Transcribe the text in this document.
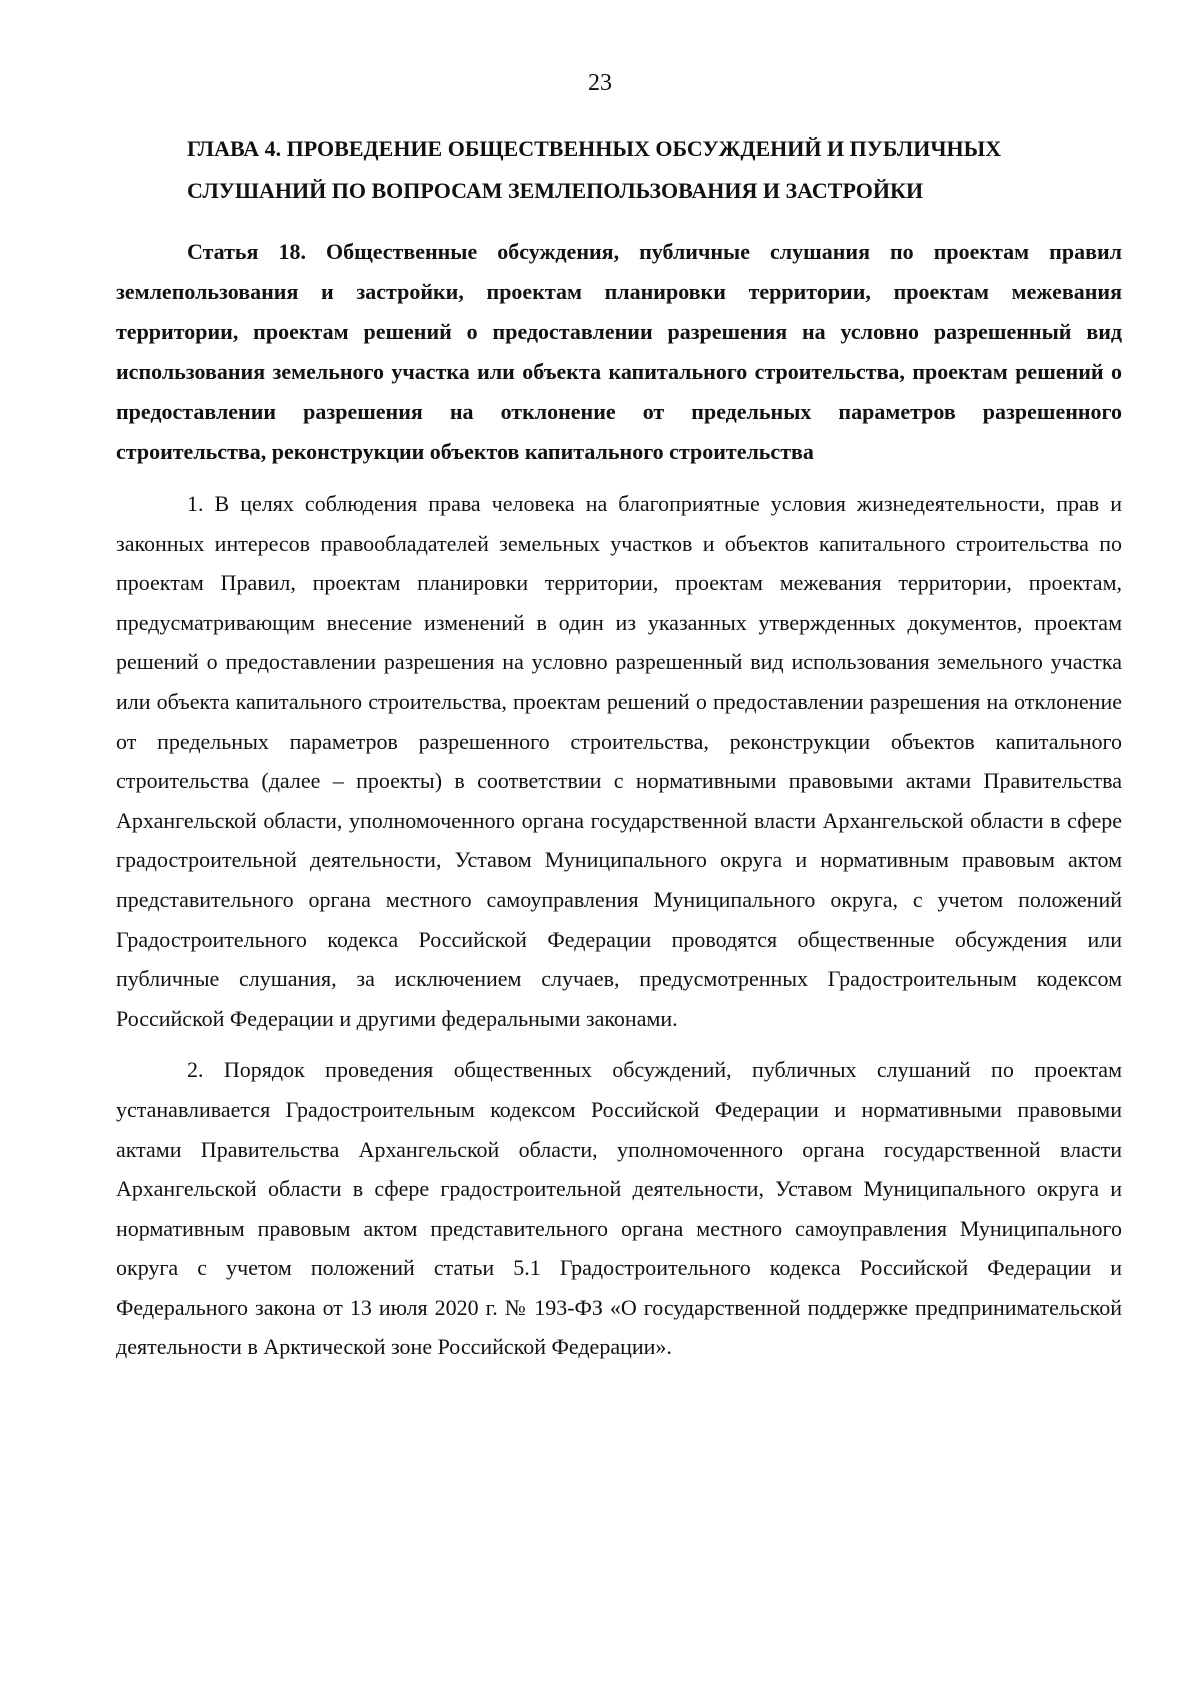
23
ГЛАВА 4. ПРОВЕДЕНИЕ ОБЩЕСТВЕННЫХ ОБСУЖДЕНИЙ И ПУБЛИЧНЫХ
СЛУШАНИЙ ПО ВОПРОСАМ ЗЕМЛЕПОЛЬЗОВАНИЯ И ЗАСТРОЙКИ
Статья 18. Общественные обсуждения, публичные слушания по проектам правил землепользования и застройки, проектам планировки территории, проектам межевания территории, проектам решений о предоставлении разрешения на условно разрешенный вид использования земельного участка или объекта капитального строительства, проектам решений о предоставлении разрешения на отклонение от предельных параметров разрешенного строительства, реконструкции объектов капитального строительства

1. В целях соблюдения права человека на благоприятные условия жизнедеятельности, прав и законных интересов правообладателей земельных участков и объектов капитального строительства по проектам Правил, проектам планировки территории, проектам межевания территории, проектам, предусматривающим внесение изменений в один из указанных утвержденных документов, проектам решений о предоставлении разрешения на условно разрешенный вид использования земельного участка или объекта капитального строительства, проектам решений о предоставлении разрешения на отклонение от предельных параметров разрешенного строительства, реконструкции объектов капитального строительства (далее – проекты) в соответствии с нормативными правовыми актами Правительства Архангельской области, уполномоченного органа государственной власти Архангельской области в сфере градостроительной деятельности, Уставом Муниципального округа и нормативным правовым актом представительного органа местного самоуправления Муниципального округа, с учетом положений Градостроительного кодекса Российской Федерации проводятся общественные обсуждения или публичные слушания, за исключением случаев, предусмотренных Градостроительным кодексом Российской Федерации и другими федеральными законами.

2. Порядок проведения общественных обсуждений, публичных слушаний по проектам устанавливается Градостроительным кодексом Российской Федерации и нормативными правовыми актами Правительства Архангельской области, уполномоченного органа государственной власти Архангельской области в сфере градостроительной деятельности, Уставом Муниципального округа и нормативным правовым актом представительного органа местного самоуправления Муниципального округа с учетом положений статьи 5.1 Градостроительного кодекса Российской Федерации и Федерального закона от 13 июля 2020 г. № 193-ФЗ «О государственной поддержке предпринимательской деятельности в Арктической зоне Российской Федерации».
